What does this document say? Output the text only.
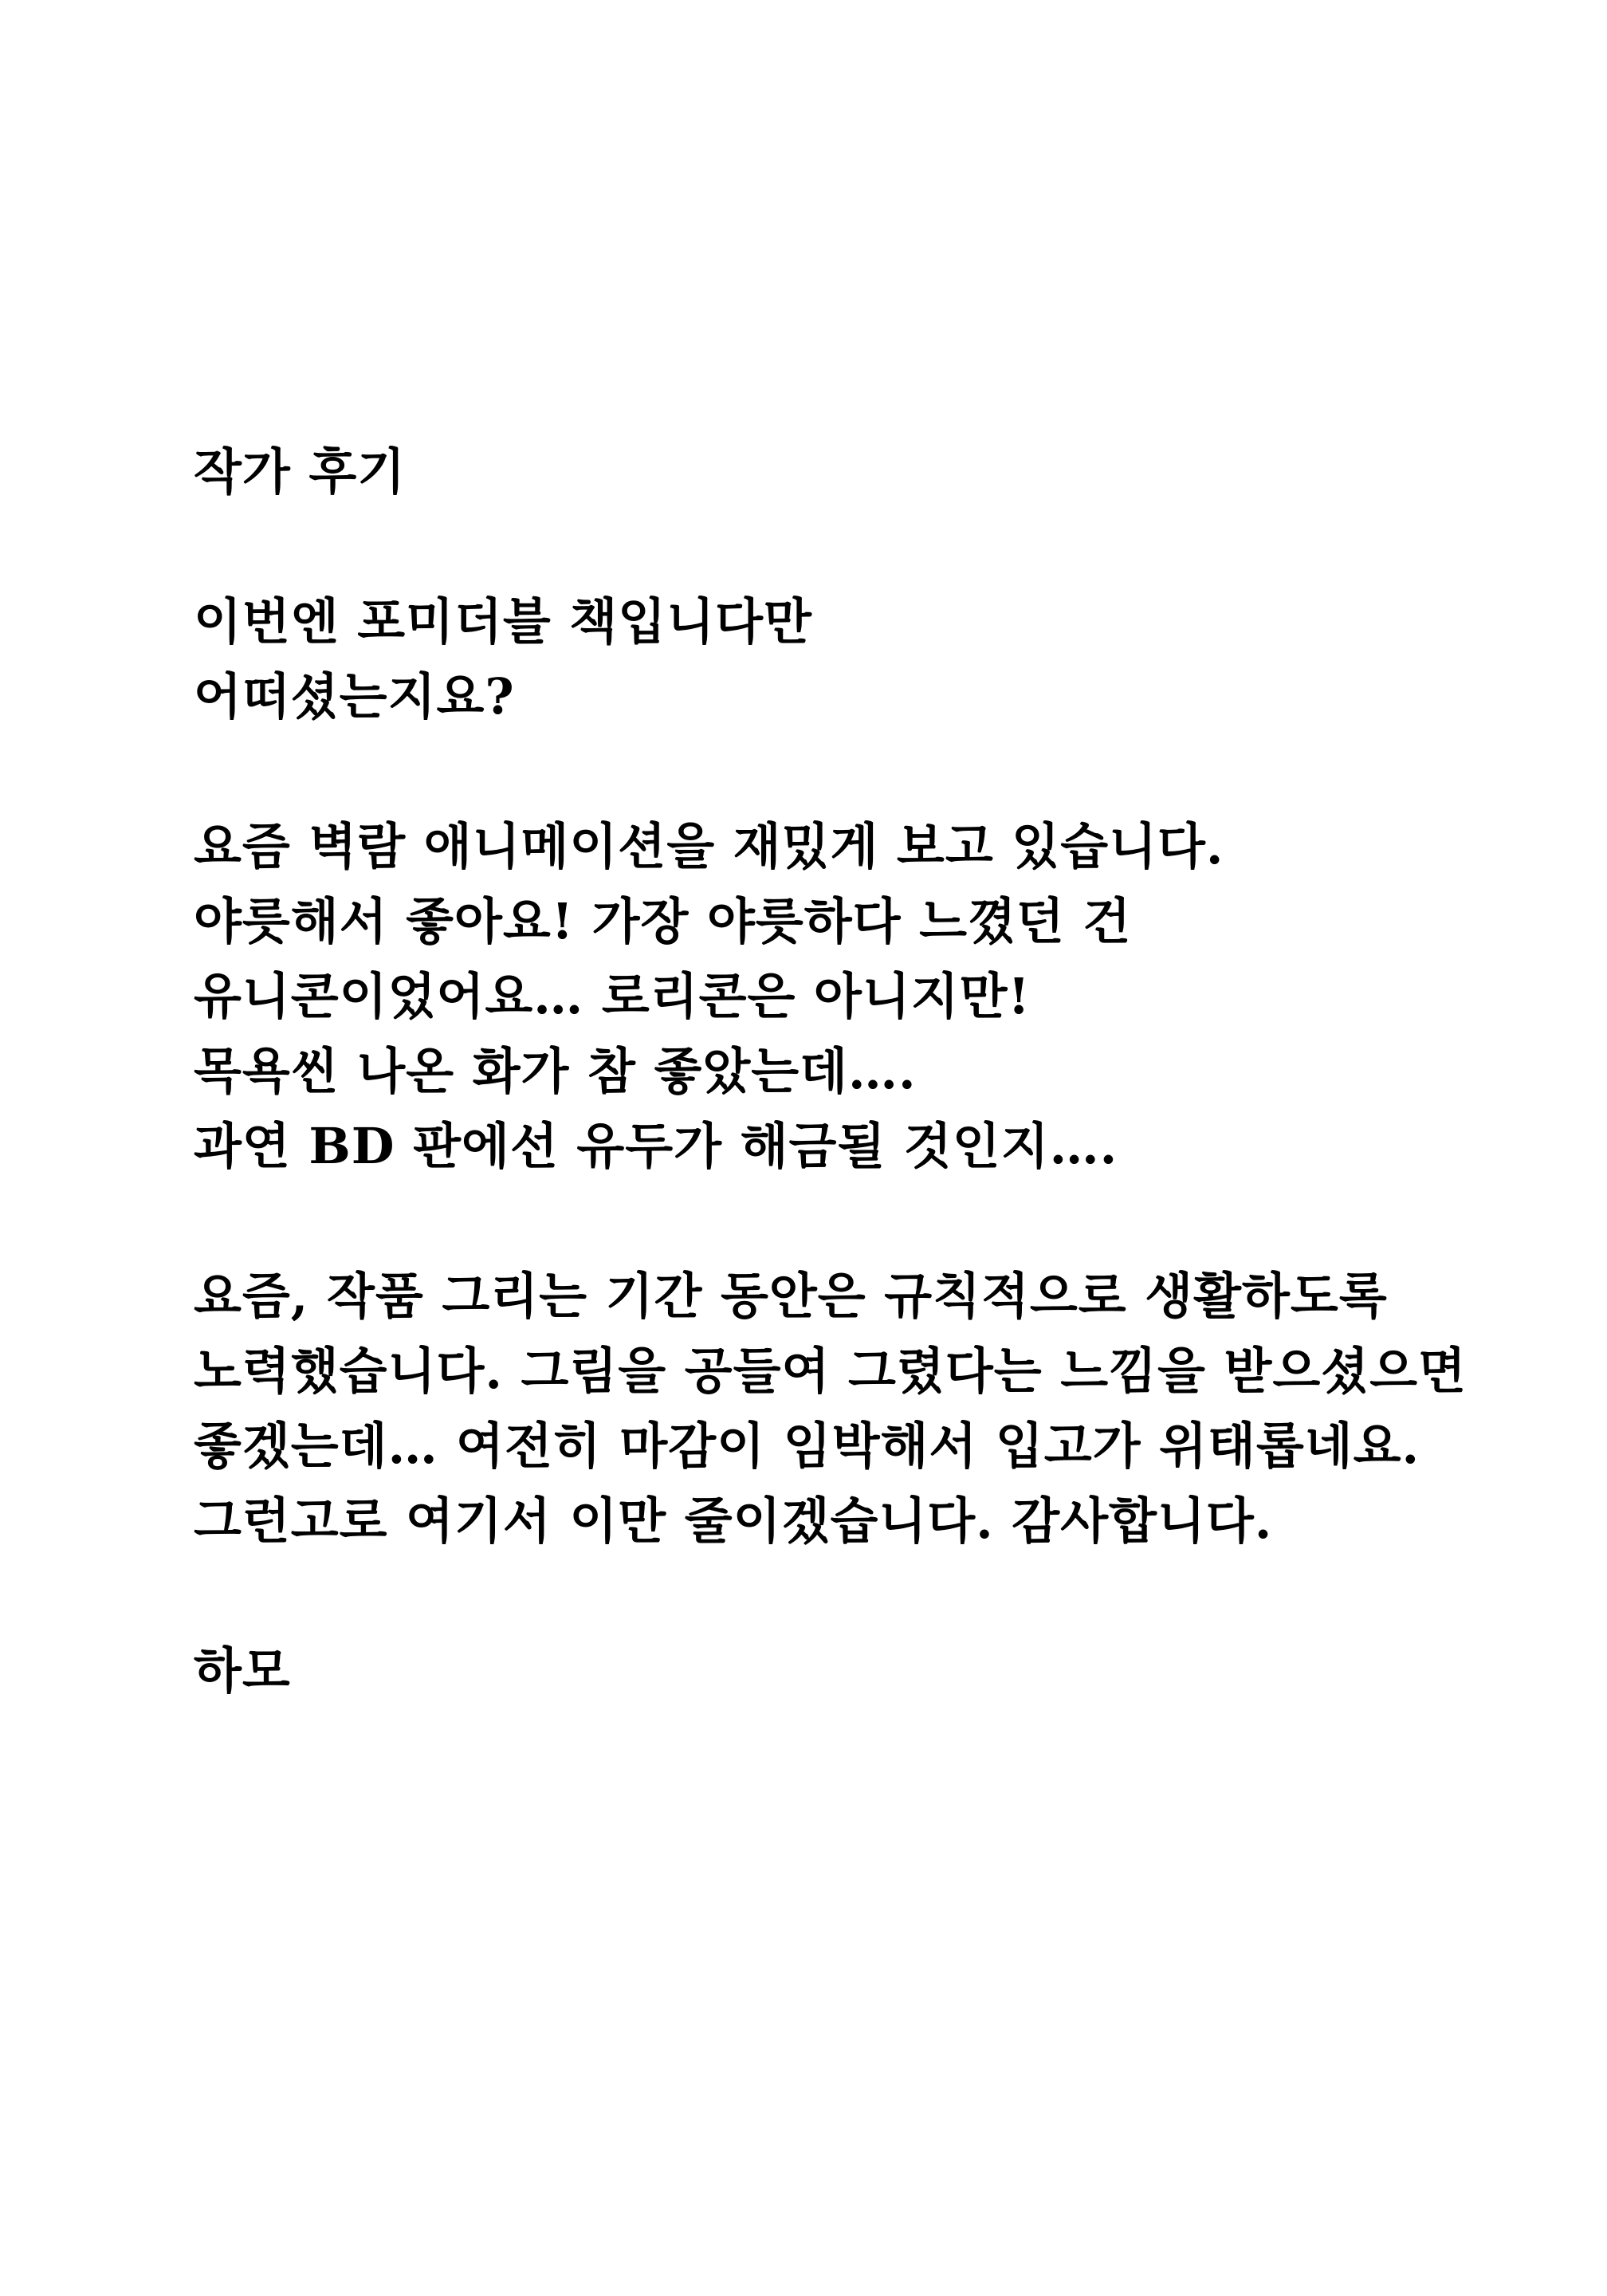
작가 후기
이번엔 포미더블 책입니다만
어떠셨는지요?
요즘 벽람 애니메이션을 재밌게 보고 있습니다.
야릇해서 좋아요! 가장 야릇하다 느꼈던 건
유니콘이었어요… 로리콘은 아니지만!
목욕씬 나온 화가 참 좋았는데….
과연 BD 판에선 유두가 해금될 것인지….
요즘, 작품 그리는 기간 동안은 규칙적으로 생활하도록
노력했습니다. 그림을 공들여 그렸다는 느낌을 받으셨으면
좋겠는데… 여전히 마감이 임박해서 입고가 위태롭네요.
그런고로 여기서 이만 줄이겠습니다. 감사합니다.
하모
